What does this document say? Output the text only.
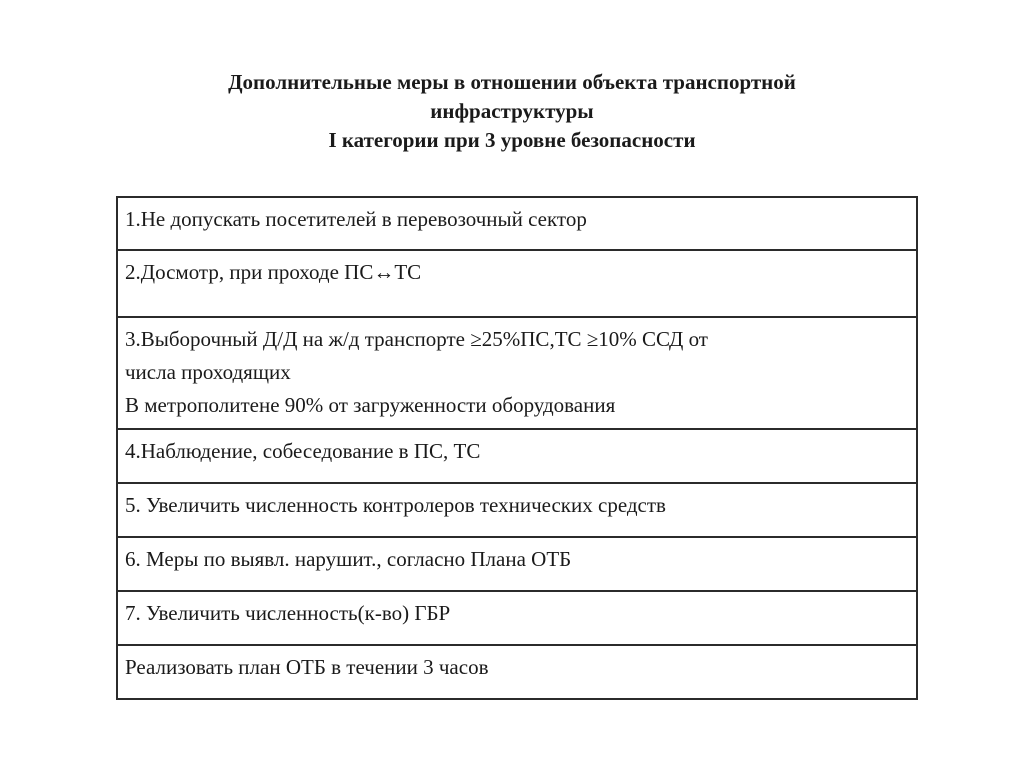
Дополнительные меры в отношении объекта транспортной
инфраструктуры
I категории при 3 уровне безопасности
1.Не допускать посетителей в перевозочный сектор

2.Досмотр, при проходе ПС↔ТС

3.Выборочный Д/Д на ж/д транспорте ≥25%ПС,ТС ≥10% ССД от
числа проходящих
В метрополитене 90% от загруженности оборудования

4.Наблюдение, собеседование в ПС, ТС

5. Увеличить численность контролеров технических средств

6. Меры по выявл. нарушит., согласно Плана ОТБ

7. Увеличить численность(к-во) ГБР

Реализовать план ОТБ в течении 3 часов
